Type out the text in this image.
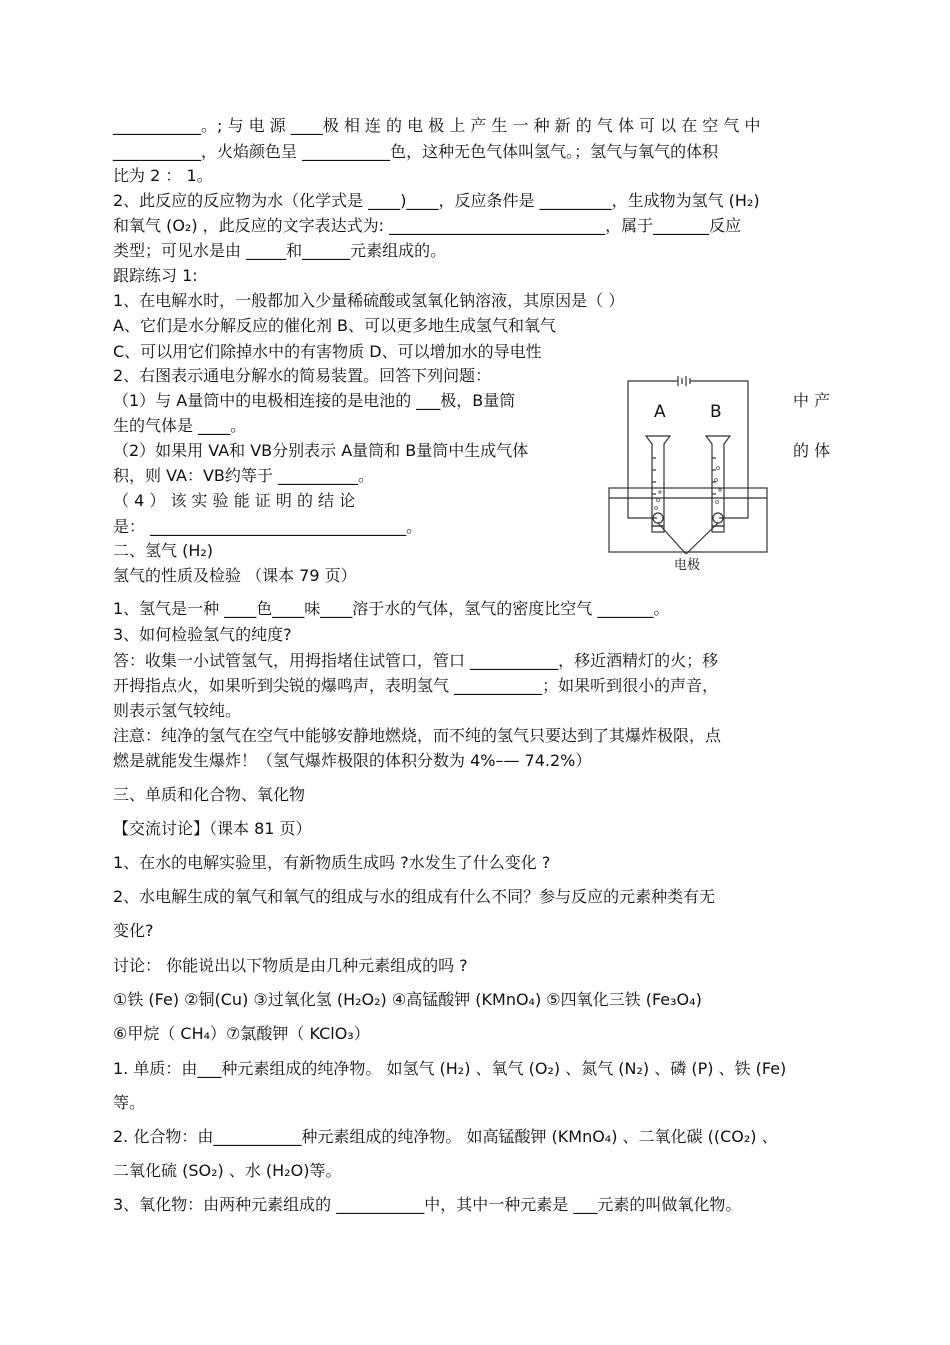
___________。; 与 电 源 ____极 相 连 的 电 极 上 产 生 一 种 新 的 气 体 可 以 在 空 气 中
___________，火焰颜色呈 ___________色，这种无色气体叫氢气。；氢气与氧气的体积
比为 2 ： 1。
2、此反应的反应物为水（化学式是 ____)____，反应条件是 _________，生成物为氢气 (H₂)
和氧气 (O₂) ，此反应的文字表达式为: ___________________________，属于_______反应
类型；可见水是由 _____和______元素组成的。
跟踪练习 1:
1、在电解水时，一般都加入少量稀硫酸或氢氧化钠溶液，其原因是（ ）
A、它们是水分解反应的催化剂 B、可以更多地生成氢气和氧气
C、可以用它们除掉水中的有害物质 D、可以增加水的导电性
2、右图表示通电分解水的简易装置。回答下列问题：
（1）与 A量筒中的电极相连接的是电池的 ___极，B量筒
生的气体是 ____。
（2）如果用 VA和 VB分别表示 A量筒和 B量筒中生成气体
积，则 VA：VB约等于 __________。
（ 4 ） 该 实 验 能 证 明 的 结 论
是： ________________________________。
二、氢气 (H₂)
氢气的性质及检验 （课本 79 页）
1、氢气是一种 ____色____味____溶于水的气体，氢气的密度比空气 _______。
3、如何检验氢气的纯度?
答：收集一小试管氢气，用拇指堵住试管口，管口 ___________，移近酒精灯的火；移
开拇指点火，如果听到尖锐的爆鸣声，表明氢气 ___________；如果听到很小的声音，
则表示氢气较纯。
注意：纯净的氢气在空气中能够安静地燃烧，而不纯的氢气只要达到了其爆炸极限，点
燃是就能发生爆炸！（氢气爆炸极限的体积分数为 4%–— 74.2%）
三、单质和化合物、氧化物
【交流讨论】（课本 81 页）
1、在水的电解实验里，有新物质生成吗 ?水发生了什么变化 ?
2、水电解生成的氧气和氧气的组成与水的组成有什么不同？参与反应的元素种类有无
变化?
讨论： 你能说出以下物质是由几种元素组成的吗 ?
①铁 (Fe) ②铜(Cu) ③过氧化氢 (H₂O₂) ④高锰酸钾 (KMnO₄) ⑤四氧化三铁 (Fe₃O₄)
⑥甲烷（ CH₄）⑦氯酸钾（ KClO₃）
1. 单质：由___种元素组成的纯净物。 如氢气 (H₂) 、氧气 (O₂) 、氮气 (N₂) 、磷 (P) 、铁 (Fe)
等。
2. 化合物：由___________种元素组成的纯净物。 如高锰酸钾 (KMnO₄) 、二氧化碳 ((CO₂) 、
二氧化硫 (SO₂) 、水 (H₂O)等。
3、氧化物：由两种元素组成的 ___________中，其中一种元素是 ___元素的叫做氧化物。
中 产
的 体
A	B
电极
